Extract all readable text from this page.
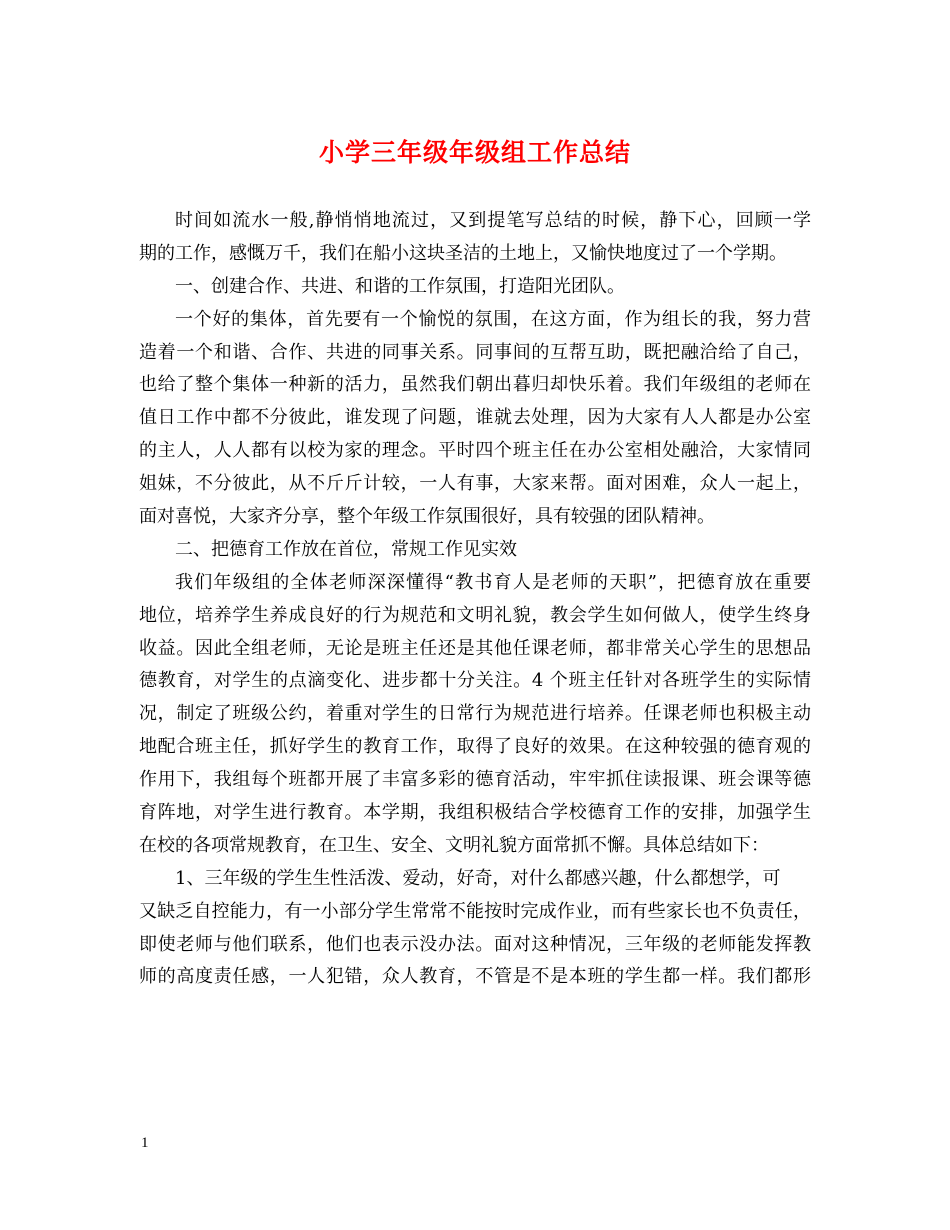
小学三年级年级组工作总结
时间如流水一般,静悄悄地流过，又到提笔写总结的时候，静下心，回顾一学
期的工作，感慨万千，我们在船小这块圣洁的土地上，又愉快地度过了一个学期。
一、创建合作、共进、和谐的工作氛围，打造阳光团队。
一个好的集体，首先要有一个愉悦的氛围，在这方面，作为组长的我，努力营
造着一个和谐、合作、共进的同事关系。同事间的互帮互助，既把融洽给了自己，
也给了整个集体一种新的活力，虽然我们朝出暮归却快乐着。我们年级组的老师在
值日工作中都不分彼此，谁发现了问题，谁就去处理，因为大家有人人都是办公室
的主人，人人都有以校为家的理念。平时四个班主任在办公室相处融洽，大家情同
姐妹，不分彼此，从不斤斤计较，一人有事，大家来帮。面对困难，众人一起上，
面对喜悦，大家齐分享，整个年级工作氛围很好，具有较强的团队精神。
二、把德育工作放在首位，常规工作见实效
我们年级组的全体老师深深懂得“教书育人是老师的天职”，把德育放在重要
地位，培养学生养成良好的行为规范和文明礼貌，教会学生如何做人，使学生终身
收益。因此全组老师，无论是班主任还是其他任课老师，都非常关心学生的思想品
德教育，对学生的点滴变化、进步都十分关注。4 个班主任针对各班学生的实际情
况，制定了班级公约，着重对学生的日常行为规范进行培养。任课老师也积极主动
地配合班主任，抓好学生的教育工作，取得了良好的效果。在这种较强的德育观的
作用下，我组每个班都开展了丰富多彩的德育活动，牢牢抓住读报课、班会课等德
育阵地，对学生进行教育。本学期，我组积极结合学校德育工作的安排，加强学生
在校的各项常规教育，在卫生、安全、文明礼貌方面常抓不懈。具体总结如下：
1、三年级的学生生性活泼、爱动，好奇，对什么都感兴趣，什么都想学，可
又缺乏自控能力，有一小部分学生常常不能按时完成作业，而有些家长也不负责任，
即使老师与他们联系，他们也表示没办法。面对这种情况，三年级的老师能发挥教
师的高度责任感，一人犯错，众人教育，不管是不是本班的学生都一样。我们都形
1
